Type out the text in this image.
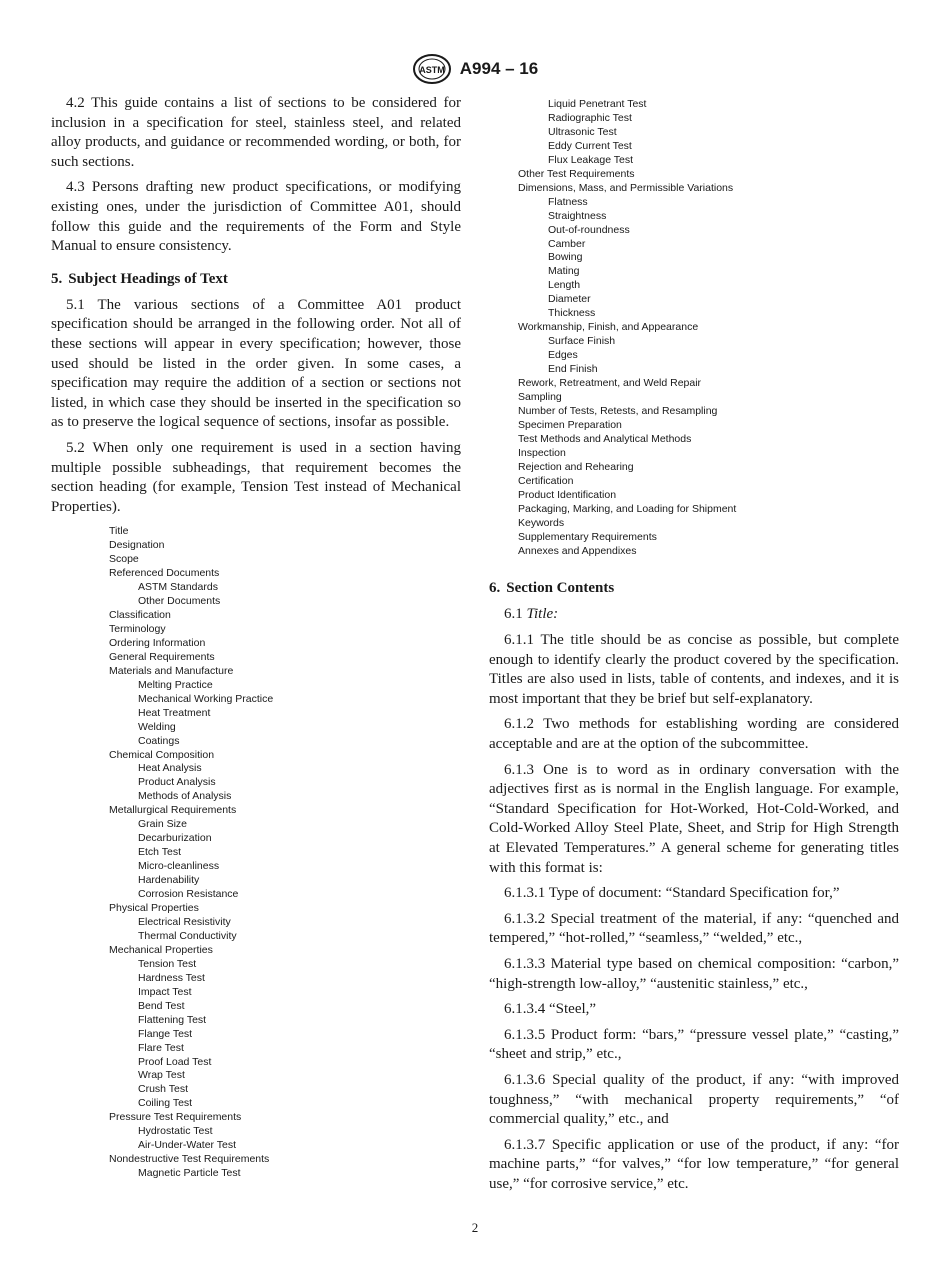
ASTM A994 – 16

4.2 This guide contains a list of sections to be considered for inclusion in a specification for steel, stainless steel, and related alloy products, and guidance or recommended wording, or both, for such sections.

4.3 Persons drafting new product specifications, or modifying existing ones, under the jurisdiction of Committee A01, should follow this guide and the requirements of the Form and Style Manual to ensure consistency.

5. Subject Headings of Text

5.1 The various sections of a Committee A01 product specification should be arranged in the following order. Not all of these sections will appear in every specification; however, those used should be listed in the order given. In some cases, a specification may require the addition of a section or sections not listed, in which case they should be inserted in the specification so as to preserve the logical sequence of sections, insofar as possible.

5.2 When only one requirement is used in a section having multiple possible subheadings, that requirement becomes the section heading (for example, Tension Test instead of Mechanical Properties).

Title
Designation
Scope
Referenced Documents
ASTM Standards
Other Documents
Classification
Terminology
Ordering Information
General Requirements
Materials and Manufacture
Melting Practice
Mechanical Working Practice
Heat Treatment
Welding
Coatings
Chemical Composition
Heat Analysis
Product Analysis
Methods of Analysis
Metallurgical Requirements
Grain Size
Decarburization
Etch Test
Micro-cleanliness
Hardenability
Corrosion Resistance
Physical Properties
Electrical Resistivity
Thermal Conductivity
Mechanical Properties
Tension Test
Hardness Test
Impact Test
Bend Test
Flattening Test
Flange Test
Flare Test
Proof Load Test
Wrap Test
Crush Test
Coiling Test
Pressure Test Requirements
Hydrostatic Test
Air-Under-Water Test
Nondestructive Test Requirements
Magnetic Particle Test
Liquid Penetrant Test
Radiographic Test
Ultrasonic Test
Eddy Current Test
Flux Leakage Test
Other Test Requirements
Dimensions, Mass, and Permissible Variations
Flatness
Straightness
Out-of-roundness
Camber
Bowing
Mating
Length
Diameter
Thickness
Workmanship, Finish, and Appearance
Surface Finish
Edges
End Finish
Rework, Retreatment, and Weld Repair
Sampling
Number of Tests, Retests, and Resampling
Specimen Preparation
Test Methods and Analytical Methods
Inspection
Rejection and Rehearing
Certification
Product Identification
Packaging, Marking, and Loading for Shipment
Keywords
Supplementary Requirements
Annexes and Appendixes
6. Section Contents

6.1 Title:

6.1.1 The title should be as concise as possible, but complete enough to identify clearly the product covered by the specification. Titles are also used in lists, table of contents, and indexes, and it is most important that they be brief but self-explanatory.

6.1.2 Two methods for establishing wording are considered acceptable and are at the option of the subcommittee.

6.1.3 One is to word as in ordinary conversation with the adjectives first as is normal in the English language. For example, “Standard Specification for Hot-Worked, Hot-Cold-Worked, and Cold-Worked Alloy Steel Plate, Sheet, and Strip for High Strength at Elevated Temperatures.” A general scheme for generating titles with this format is:

6.1.3.1 Type of document: “Standard Specification for,”

6.1.3.2 Special treatment of the material, if any: “quenched and tempered,” “hot-rolled,” “seamless,” “welded,” etc.,

6.1.3.3 Material type based on chemical composition: “carbon,” “high-strength low-alloy,” “austenitic stainless,” etc.,

6.1.3.4 “Steel,”

6.1.3.5 Product form: “bars,” “pressure vessel plate,” “casting,” “sheet and strip,” etc.,

6.1.3.6 Special quality of the product, if any: “with improved toughness,” “with mechanical property requirements,” “of commercial quality,” etc., and

6.1.3.7 Specific application or use of the product, if any: “for machine parts,” “for valves,” “for low temperature,” “for general use,” “for corrosive service,” etc.

2
